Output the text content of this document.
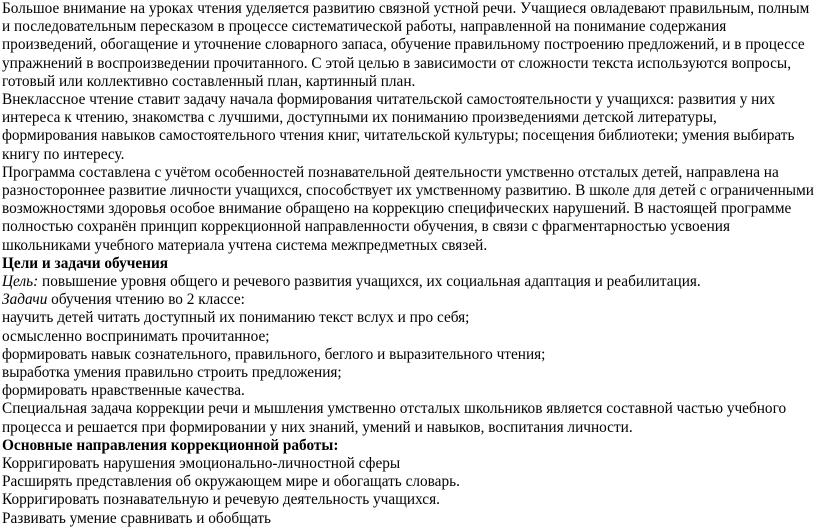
Большое внимание на уроках чтения уделяется развитию связной устной речи. Учащиеся овладевают правильным, полным и последовательным пересказом в процессе систематической работы, направленной на понимание содержания произведений, обогащение и уточнение словарного запаса, обучение правильному построению предложений, и в процессе упражнений в воспроизведении прочитанного. С этой целью в зависимости от сложности текста используются вопросы, готовый или коллективно составленный план, картинный план.

Внеклассное чтение ставит задачу начала формирования читательской самостоятельности у учащихся: развития у них интереса к чтению, знакомства с лучшими, доступными их пониманию произведениями детской литературы, формирования навыков самостоятельного чтения книг, читательской культуры; посещения библиотеки; умения выбирать книгу по интересу.

Программа составлена с учётом особенностей познавательной деятельности умственно отсталых детей, направлена на разностороннее развитие личности учащихся, способствует их умственному развитию. В школе для детей с ограниченными возможностями здоровья особое внимание обращено на коррекцию специфических нарушений. В настоящей программе полностью сохранён принцип коррекционной направленности обучения, в связи с фрагментарностью усвоения школьниками учебного материала учтена система межпредметных связей.

Цели и задачи обучения

Цель: повышение уровня общего и речевого развития учащихся, их социальная адаптация и реабилитация.

Задачи обучения чтению во 2 классе:

научить детей читать доступный их пониманию текст вслух и про себя;

осмысленно воспринимать прочитанное;

формировать навык сознательного, правильного, беглого и выразительного чтения;

выработка умения правильно строить предложения;

формировать нравственные качества.

Специальная задача коррекции речи и мышления умственно отсталых школьников является составной частью учебного процесса и решается при формировании у них знаний, умений и навыков, воспитания личности.

Основные направления коррекционной работы:

Корригировать нарушения эмоционально-личностной сферы

Расширять представления об окружающем мире и обогащать словарь.

Корригировать познавательную и речевую деятельность учащихся.

Развивать умение сравнивать и обобщать
